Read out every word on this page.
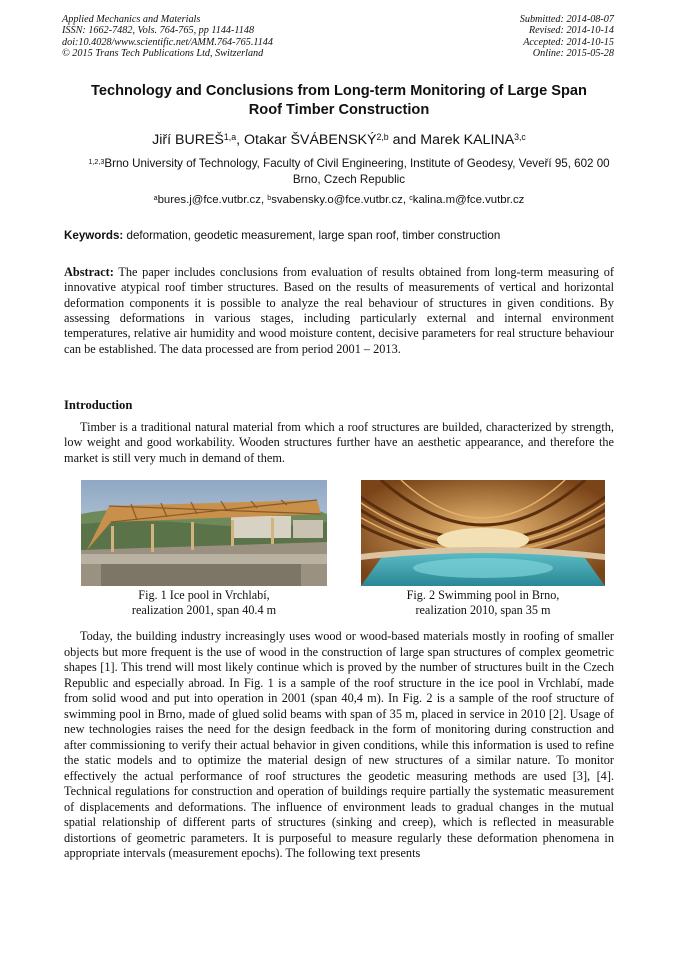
Applied Mechanics and Materials
ISSN: 1662-7482, Vols. 764-765, pp 1144-1148
doi:10.4028/www.scientific.net/AMM.764-765.1144
© 2015 Trans Tech Publications Ltd, Switzerland
Submitted: 2014-08-07
Revised: 2014-10-14
Accepted: 2014-10-15
Online: 2015-05-28
Technology and Conclusions from Long-term Monitoring of Large Span
Roof Timber Construction
Jiří BUREŠ$^{1,a}$, Otakar ŠVÁBENSKÝ$^{2,b}$ and Marek KALINA$^{3,c}$
$^{1,2,3}$Brno University of Technology, Faculty of Civil Engineering, Institute of Geodesy, Veveří 95, 602 00 Brno, Czech Republic
$^a$bures.j@fce.vutbr.cz, $^b$svabensky.o@fce.vutbr.cz, $^c$kalina.m@fce.vutbr.cz
Keywords: deformation, geodetic measurement, large span roof, timber construction
Abstract: The paper includes conclusions from evaluation of results obtained from long-term measuring of innovative atypical roof timber structures. Based on the results of measurements of vertical and horizontal deformation components it is possible to analyze the real behaviour of structures in given conditions. By assessing deformations in various stages, including particularly external and internal environment temperatures, relative air humidity and wood moisture content, decisive parameters for real structure behaviour can be established. The data processed are from period 2001 – 2013.
Introduction
Timber is a traditional natural material from which a roof structures are builded, characterized by strength, low weight and good workability. Wooden structures further have an aesthetic appearance, and therefore the market is still very much in demand of them.
Fig. 1 Ice pool in Vrchlabí,
realization 2001, span 40.4 m
Fig. 2 Swimming pool in Brno,
realization 2010, span 35 m
Today, the building industry increasingly uses wood or wood-based materials mostly in roofing of smaller objects but more frequent is the use of wood in the construction of large span structures of complex geometric shapes [1]. This trend will most likely continue which is proved by the number of structures built in the Czech Republic and especially abroad. In Fig. 1 is a sample of the roof structure in the ice pool in Vrchlabí, made from solid wood and put into operation in 2001 (span 40,4 m). In Fig. 2 is a sample of the roof structure of swimming pool in Brno, made of glued solid beams with span of 35 m, placed in service in 2010 [2]. Usage of new technologies raises the need for the design feedback in the form of monitoring during construction and after commissioning to verify their actual behavior in given conditions, while this information is used to refine the static models and to optimize the material design of new structures of a similar nature. To monitor effectively the actual performance of roof structures the geodetic measuring methods are used [3], [4]. Technical regulations for construction and operation of buildings require partially the systematic measurement of displacements and deformations. The influence of environment leads to gradual changes in the mutual spatial relationship of different parts of structures (sinking and creep), which is reflected in measurable distortions of geometric parameters. It is purposeful to measure regularly these deformation phenomena in appropriate intervals (measurement epochs). The following text presents
